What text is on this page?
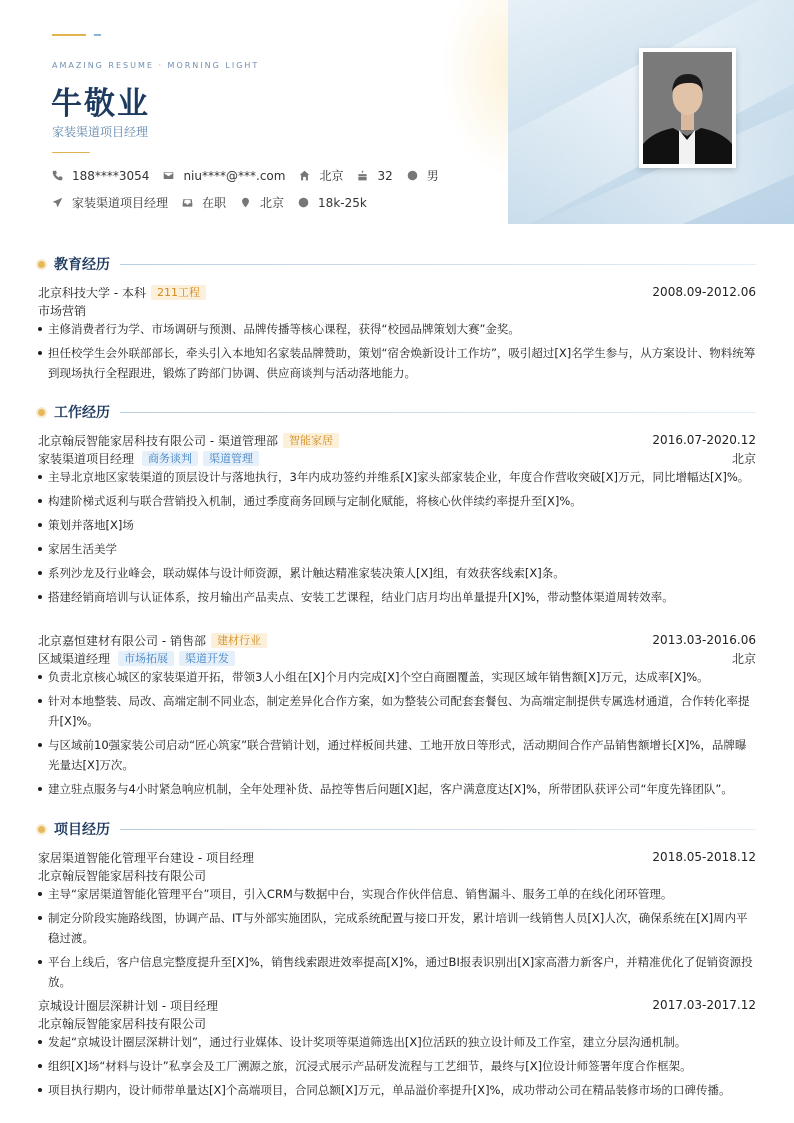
AMAZING RESUME · MORNING LIGHT
牛敬业
家装渠道项目经理
188****3054	niu****@***.com	北京	32	男
家装渠道项目经理	在职	北京	18k-25k
教育经历
北京科技大学 - 本科	211工程	2008.09-2012.06
市场营销
主修消费者行为学、市场调研与预测、品牌传播等核心课程，获得“校园品牌策划大赛”金奖。
担任校学生会外联部部长，牵头引入本地知名家装品牌赞助，策划“宿舍焕新设计工作坊”，吸引超过[X]名学生参与，从方案设计、物料统筹到现场执行全程跟进，锻炼了跨部门协调、供应商谈判与活动落地能力。
工作经历
北京翰辰智能家居科技有限公司 - 渠道管理部	智能家居	2016.07-2020.12
家装渠道项目经理	商务谈判	渠道管理	北京
主导北京地区家装渠道的顶层设计与落地执行，3年内成功签约并维系[X]家头部家装企业，年度合作营收突破[X]万元，同比增幅达[X]%。
构建阶梯式返利与联合营销投入机制，通过季度商务回顾与定制化赋能，将核心伙伴续约率提升至[X]%。
策划并落地[X]场
家居生活美学
系列沙龙及行业峰会，联动媒体与设计师资源，累计触达精准家装决策人[X]组，有效获客线索[X]条。
搭建经销商培训与认证体系，按月输出产品卖点、安装工艺课程，结业门店月均出单量提升[X]%，带动整体渠道周转效率。
北京嘉恒建材有限公司 - 销售部	建材行业	2013.03-2016.06
区域渠道经理	市场拓展	渠道开发	北京
负责北京核心城区的家装渠道开拓，带领3人小组在[X]个月内完成[X]个空白商圈覆盖，实现区域年销售额[X]万元，达成率[X]%。
针对本地整装、局改、高端定制不同业态，制定差异化合作方案，如为整装公司配套套餐包、为高端定制提供专属选材通道，合作转化率提升[X]%。
与区域前10强家装公司启动“匠心筑家”联合营销计划，通过样板间共建、工地开放日等形式，活动期间合作产品销售额增长[X]%，品牌曝光量达[X]万次。
建立驻点服务与4小时紧急响应机制，全年处理补货、品控等售后问题[X]起，客户满意度达[X]%，所带团队获评公司“年度先锋团队”。
项目经历
家居渠道智能化管理平台建设 - 项目经理	2018.05-2018.12
北京翰辰智能家居科技有限公司
主导“家居渠道智能化管理平台”项目，引入CRM与数据中台，实现合作伙伴信息、销售漏斗、服务工单的在线化闭环管理。
制定分阶段实施路线图，协调产品、IT与外部实施团队，完成系统配置与接口开发，累计培训一线销售人员[X]人次，确保系统在[X]周内平稳过渡。
平台上线后，客户信息完整度提升至[X]%，销售线索跟进效率提高[X]%，通过BI报表识别出[X]家高潜力新客户，并精准优化了促销资源投放。
京城设计圈层深耕计划 - 项目经理	2017.03-2017.12
北京翰辰智能家居科技有限公司
发起“京城设计圈层深耕计划”，通过行业媒体、设计奖项等渠道筛选出[X]位活跃的独立设计师及工作室，建立分层沟通机制。
组织[X]场“材料与设计”私享会及工厂溯源之旅，沉浸式展示产品研发流程与工艺细节，最终与[X]位设计师签署年度合作框架。
项目执行期内，设计师带单量达[X]个高端项目，合同总额[X]万元，单品溢价率提升[X]%，成功带动公司在精品装修市场的口碑传播。
